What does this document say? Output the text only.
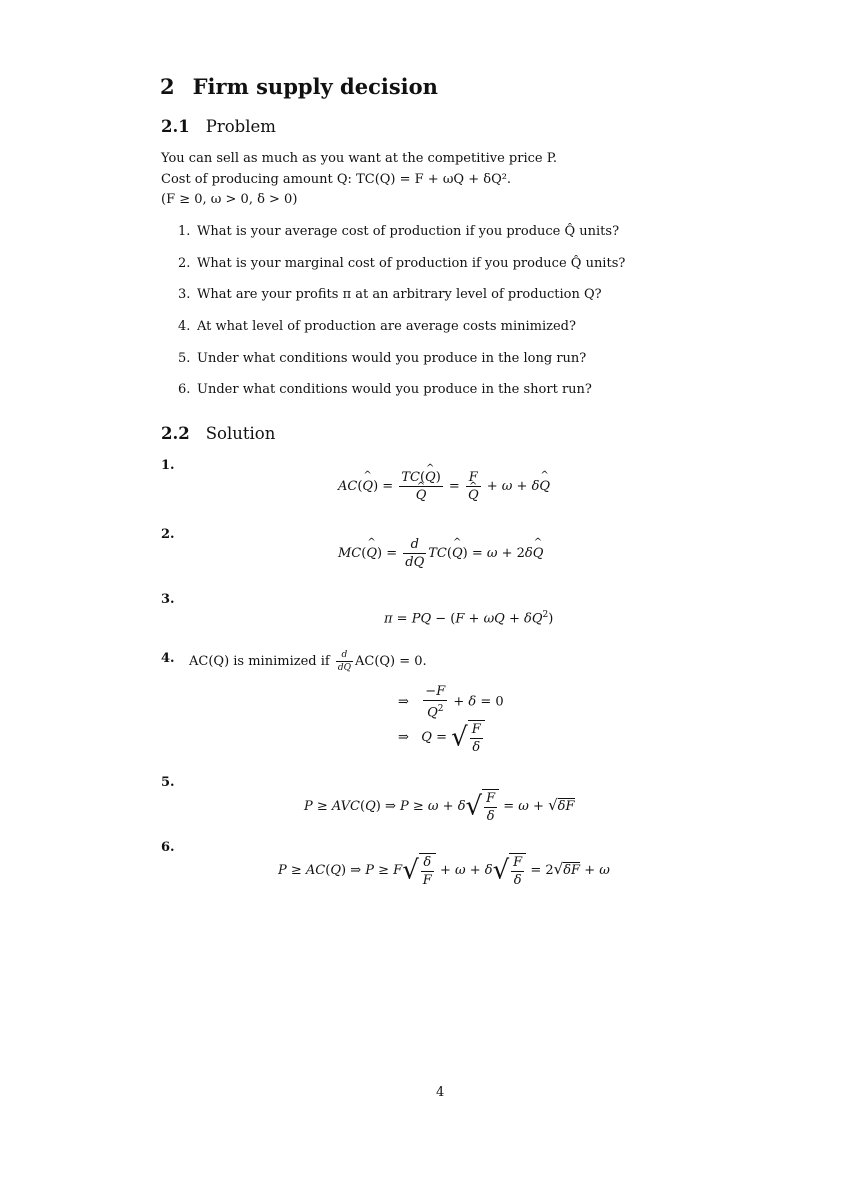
2 Firm supply decision
2.1 Problem
You can sell as much as you want at the competitive price P.
Cost of producing amount Q: TC(Q) = F + ωQ + δQ².
(F ≥ 0, ω > 0, δ > 0)
1. What is your average cost of production if you produce Q̂ units?
2. What is your marginal cost of production if you produce Q̂ units?
3. What are your profits π at an arbitrary level of production Q?
4. At what level of production are average costs minimized?
5. Under what conditions would you produce in the long run?
6. Under what conditions would you produce in the short run?
2.2 Solution
1.
2.
3.
4.
5.
6.
AC(^ Q) = TC(^ Q)
^ Q = F
^ Q + ω + δ^ Q
MC(^ $Q) = \frac{d}{dQ}$ TC(^ Q) = ω + 2δ^ Q
π = PQ − $(F + \omega Q + \delta Q^2)$
AC(Q) is minimized if $\frac{d}{dQ} AC(Q) = 0$.
⇒ $\frac{-F}{Q^2} + \delta = 0$
⇒   Q = √ $\frac{F}{\delta}$
P ≥ AVC(Q) ⇒ $P \ge \omega + \delta√ \frac{F}{\delta} = \omega + √\delta F$
P ≥ AC(Q) ⇒ $P \ge F√ \frac{\delta}{F} + \omega + \delta√ \frac{F}{\delta} = 2√\delta F + \omega$
4
